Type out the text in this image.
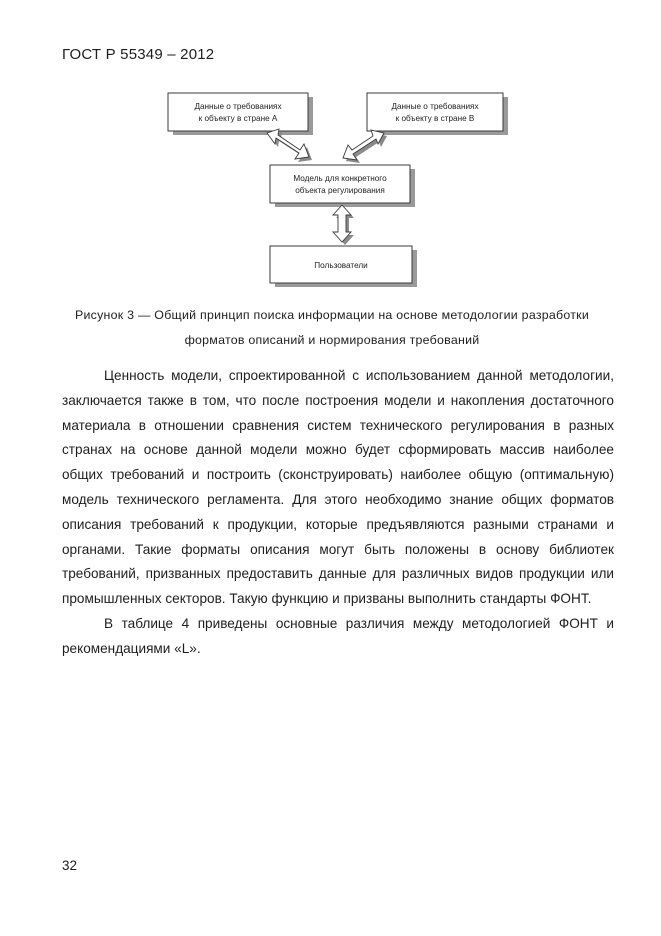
ГОСТ Р 55349 – 2012
Данные о требованиях
к объекту в стране А
Данные о требованиях
к объекту в стране В
Модель для конкретного
объекта регулирования
Пользователи
Рисунок 3 — Общий принцип поиска информации на основе методологии разработки
форматов описаний и нормирования требований

Ценность модели, спроектированной с использованием данной методологии, заключается также в том, что после построения модели и накопления достаточного материала в отношении сравнения систем технического регулирования в разных странах на основе данной модели можно будет сформировать массив наиболее общих требований и построить (сконструировать) наиболее общую (оптимальную) модель технического регламента. Для этого необходимо знание общих форматов описания требований к продукции, которые предъявляются разными странами и органами. Такие форматы описания могут быть положены в основу библиотек требований, призванных предоставить данные для различных видов продукции или промышленных секторов. Такую функцию и призваны выполнить стандарты ФОНТ.

В таблице 4 приведены основные различия между методологией ФОНТ и рекомендациями «L».

32
